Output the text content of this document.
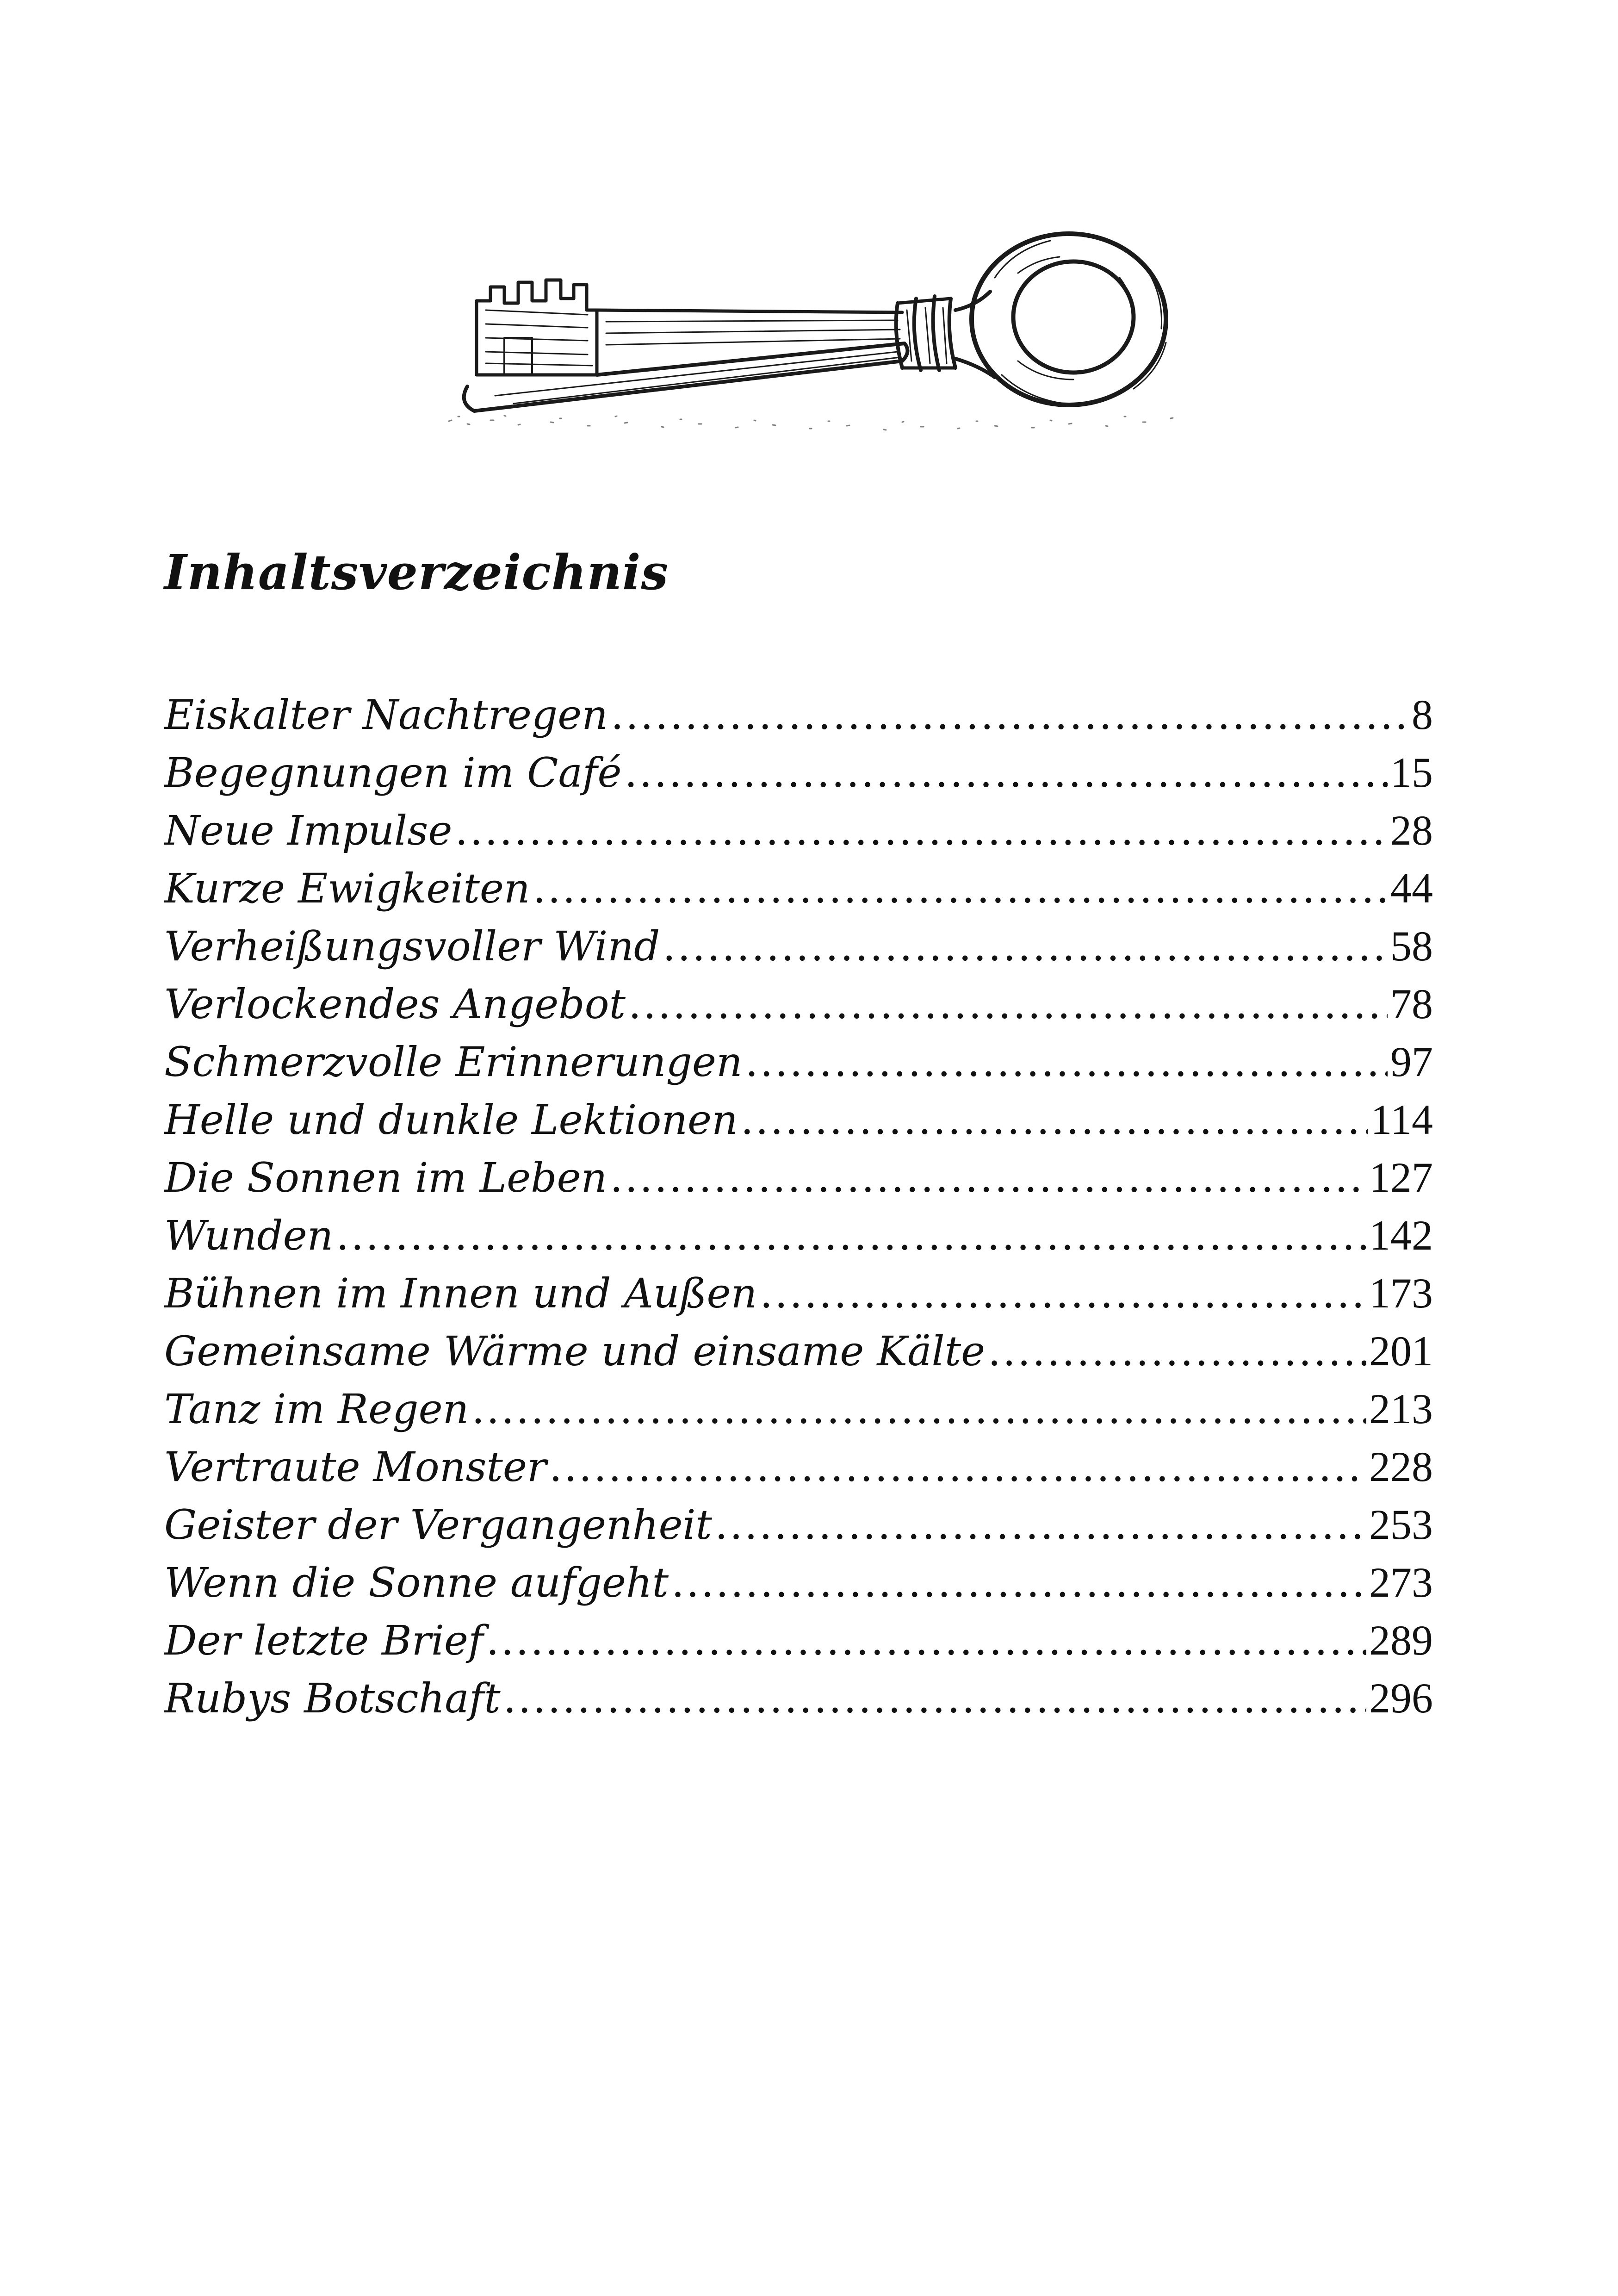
Inhaltsverzeichnis
Eiskalter Nachtregen .....	8
Begegnungen im Café .....	15
Neue Impulse .....	28
Kurze Ewigkeiten .....	44
Verheißungsvoller Wind .....	58
Verlockendes Angebot .....	78
Schmerzvolle Erinnerungen .....	97
Helle und dunkle Lektionen .....	114
Die Sonnen im Leben .....	127
Wunden .....	142
Bühnen im Innen und Außen .....	173
Gemeinsame Wärme und einsame Kälte .....	201
Tanz im Regen .....	213
Vertraute Monster .....	228
Geister der Vergangenheit .....	253
Wenn die Sonne aufgeht .....	273
Der letzte Brief .....	289
Rubys Botschaft .....	296
